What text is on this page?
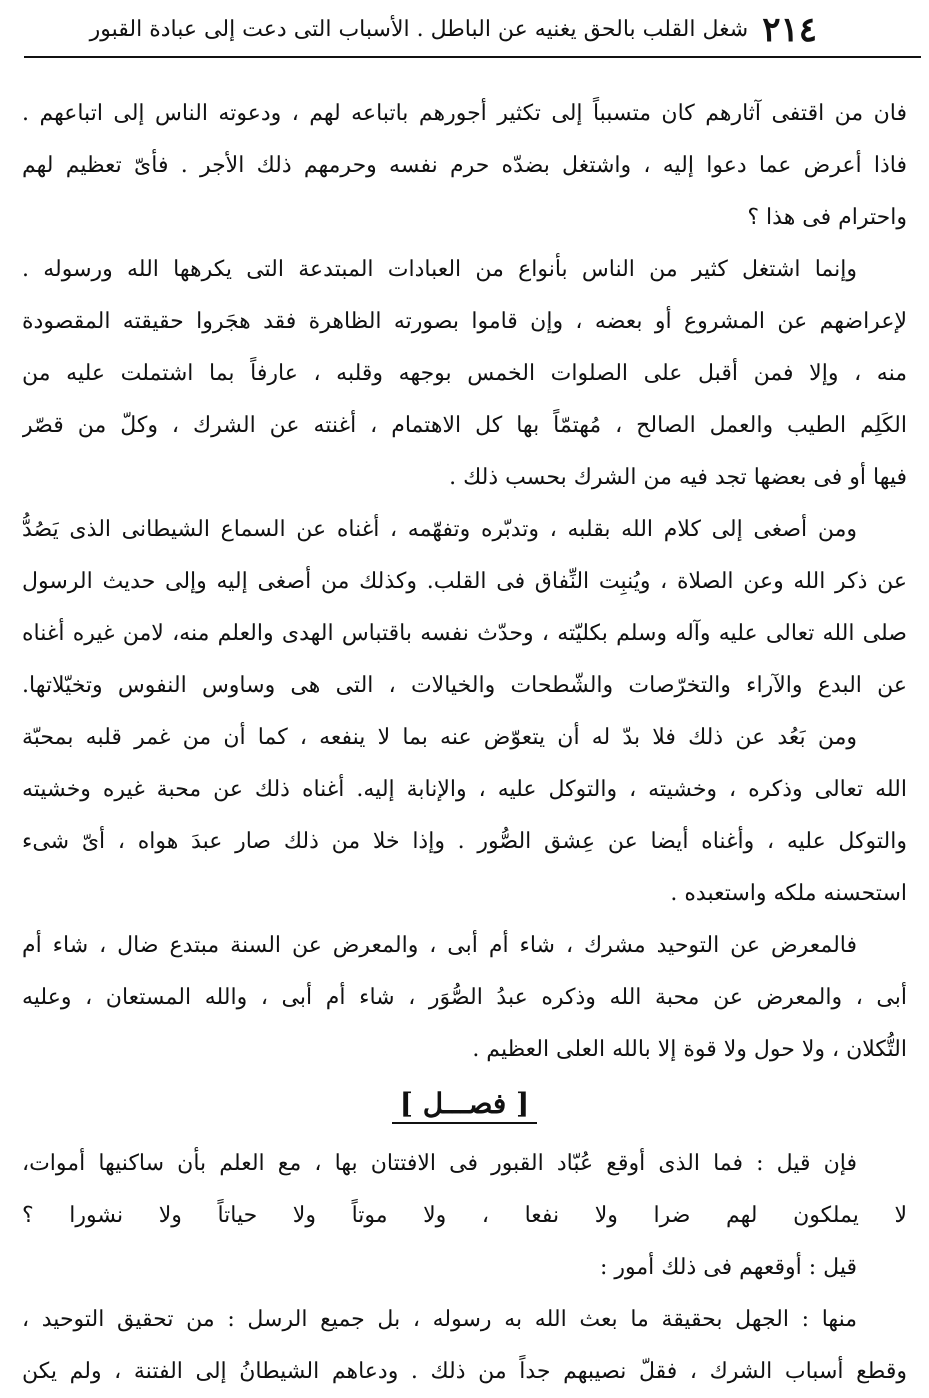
٢١٤
شغل القلب بالحق يغنيه عن الباطل . الأسباب التى دعت إلى عبادة القبور
فان من اقتفى آثارهم كان متسبباً إلى تكثير أجورهم باتباعه لهم ، ودعوته الناس إلى اتباعهم .
فاذا أعرض عما دعوا إليه ، واشتغل بضدّه حرم نفسه وحرمهم ذلك الأجر . فأىّ تعظيم لهم
واحترام فى هذا ؟
وإنما اشتغل كثير من الناس بأنواع من العبادات المبتدعة التى يكرهها الله ورسوله .
لإعراضهم عن المشروع أو بعضه ، وإن قاموا بصورته الظاهرة فقد هجَروا حقيقته المقصودة
منه ، وإلا فمن أقبل على الصلوات الخمس بوجهه وقلبه ، عارفاً بما اشتملت عليه من
الكَلِم الطيب والعمل الصالح ، مُهتمّاً بها كل الاهتمام ، أغنته عن الشرك ، وكلّ من قصّر
فيها أو فى بعضها تجد فيه من الشرك بحسب ذلك .
ومن أصغى إلى كلام الله بقلبه ، وتدبّره وتفهّمه ، أغناه عن السماع الشيطانى الذى يَصُدُّ
عن ذكر الله وعن الصلاة ، ويُنبِت النِّفاق فى القلب. وكذلك من أصغى إليه وإلى حديث الرسول
صلى الله تعالى عليه وآله وسلم بكليّته ، وحدّث نفسه باقتباس الهدى والعلم منه، لامن غيره أغناه
عن البدع والآراء والتخرّصات والشّطحات والخيالات ، التى هى وساوس النفوس وتخيّلاتها.
ومن بَعُد عن ذلك فلا بدّ له أن يتعوّض عنه بما لا ينفعه ، كما أن من غمر قلبه بمحبّة
الله تعالى وذكره ، وخشيته ، والتوكل عليه ، والإنابة إليه. أغناه ذلك عن محبة غيره وخشيته
والتوكل عليه ، وأغناه أيضا عن عِشق الصُّور . وإذا خلا من ذلك صار عبدَ هواه ، أىّ شىء
استحسنه ملكه واستعبده .
فالمعرض عن التوحيد مشرك ، شاء أم أبى ، والمعرض عن السنة مبتدع ضال ، شاء أم
أبى ، والمعرض عن محبة الله وذكره عبدُ الصُّوَر ، شاء أم أبى ، والله المستعان ، وعليه
التُّكلان ، ولا حول ولا قوة إلا بالله العلى العظيم .
[ فصـــل ]
فإن قيل : فما الذى أوقع عُبّاد القبور فى الافتتان بها ، مع العلم بأن ساكنيها أموات،
لا يملكون لهم ضرا ولا نفعا ، ولا موتاً ولا حياتاً ولا نشورا ؟
قيل : أوقعهم فى ذلك أمور :
منها : الجهل بحقيقة ما بعث الله به رسوله ، بل جميع الرسل : من تحقيق التوحيد ،
وقطع أسباب الشرك ، فقلّ نصيبهم جداً من ذلك . ودعاهم الشيطانُ إلى الفتنة ، ولم يكن
